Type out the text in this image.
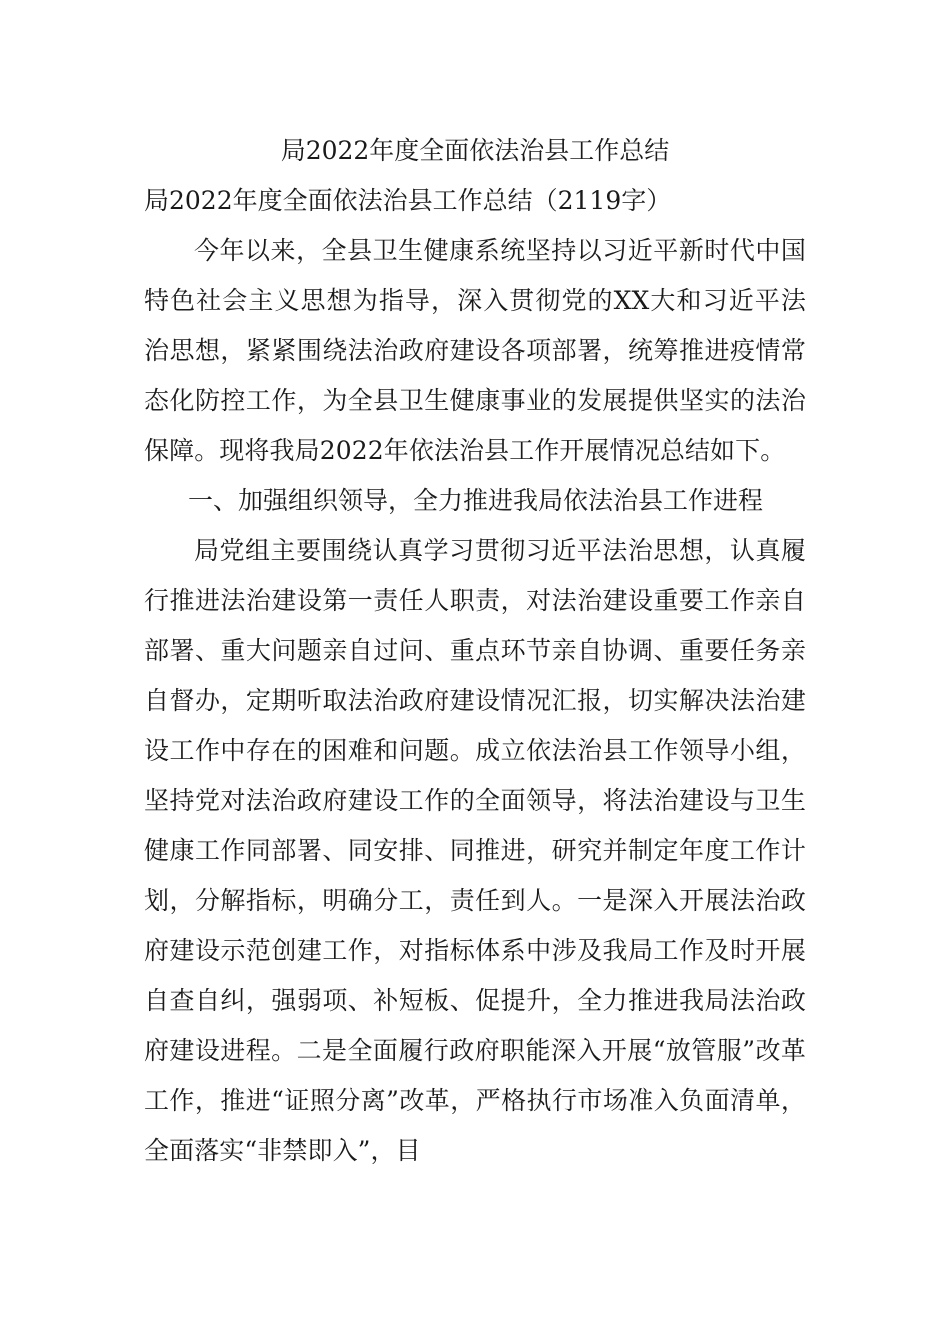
局2022年度全面依法治县工作总结
局2022年度全面依法治县工作总结（2119字）

今年以来，全县卫生健康系统坚持以习近平新时代中国特色社会主义思想为指导，深入贯彻党的XX大和习近平法治思想，紧紧围绕法治政府建设各项部署，统筹推进疫情常态化防控工作，为全县卫生健康事业的发展提供坚实的法治保障。现将我局2022年依法治县工作开展情况总结如下。

一、加强组织领导，全力推进我局依法治县工作进程

局党组主要围绕认真学习贯彻习近平法治思想，认真履行推进法治建设第一责任人职责，对法治建设重要工作亲自部署、重大问题亲自过问、重点环节亲自协调、重要任务亲自督办，定期听取法治政府建设情况汇报，切实解决法治建设工作中存在的困难和问题。成立依法治县工作领导小组，坚持党对法治政府建设工作的全面领导，将法治建设与卫生健康工作同部署、同安排、同推进，研究并制定年度工作计划，分解指标，明确分工，责任到人。一是深入开展法治政府建设示范创建工作，对指标体系中涉及我局工作及时开展自查自纠，强弱项、补短板、促提升，全力推进我局法治政府建设进程。二是全面履行政府职能深入开展“放管服”改革工作，推进“证照分离”改革，严格执行市场准入负面清单，全面落实“非禁即入”，目
